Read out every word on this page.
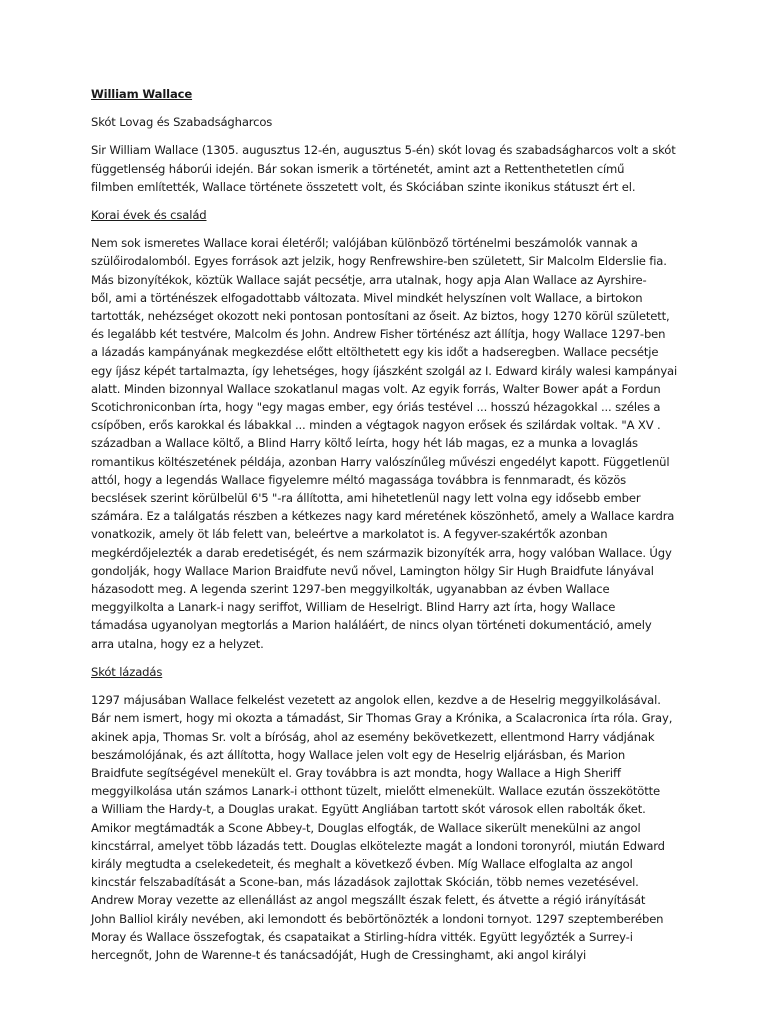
William Wallace
Skót Lovag és Szabadságharcos
Sir William Wallace (1305. augusztus 12-én, augusztus 5-én) skót lovag és szabadságharcos volt a skót
függetlenség háborúi idején. Bár sokan ismerik a történetét, amint azt a Rettenthetetlen című
filmben említették, Wallace története összetett volt, és Skóciában szinte ikonikus státuszt ért el.
Korai évek és család
Nem sok ismeretes Wallace korai életéről; valójában különböző történelmi beszámolók vannak a
szülőirodalomból. Egyes források azt jelzik, hogy Renfrewshire-ben született, Sir Malcolm Elderslie fia.
Más bizonyítékok, köztük Wallace saját pecsétje, arra utalnak, hogy apja Alan Wallace az Ayrshire-
ből, ami a történészek elfogadottabb változata. Mivel mindkét helyszínen volt Wallace, a birtokon
tartották, nehézséget okozott neki pontosan pontosítani az őseit. Az biztos, hogy 1270 körül született,
és legalább két testvére, Malcolm és John. Andrew Fisher történész azt állítja, hogy Wallace 1297-ben
a lázadás kampányának megkezdése előtt eltölthetett egy kis időt a hadseregben. Wallace pecsétje
egy íjász képét tartalmazta, így lehetséges, hogy íjászként szolgál az I. Edward király walesi kampányai
alatt. Minden bizonnyal Wallace szokatlanul magas volt. Az egyik forrás, Walter Bower apát a Fordun
Scotichroniconban írta, hogy "egy magas ember, egy óriás testével ... hosszú hézagokkal ... széles a
csípőben, erős karokkal és lábakkal ... minden a végtagok nagyon erősek és szilárdak voltak. "A XV .
században a Wallace költő, a Blind Harry költő leírta, hogy hét láb magas, ez a munka a lovaglás
romantikus költészetének példája, azonban Harry valószínűleg művészi engedélyt kapott. Függetlenül
attól, hogy a legendás Wallace figyelemre méltó magassága továbbra is fennmaradt, és közös
becslések szerint körülbelül 6'5 "-ra állította, ami hihetetlenül nagy lett volna egy idősebb ember
számára. Ez a találgatás részben a kétkezes nagy kard méretének köszönhető, amely a Wallace kardra
vonatkozik, amely öt láb felett van, beleértve a markolatot is. A fegyver-szakértők azonban
megkérdőjelezték a darab eredetiségét, és nem származik bizonyíték arra, hogy valóban Wallace. Úgy
gondolják, hogy Wallace Marion Braidfute nevű nővel, Lamington hölgy Sir Hugh Braidfute lányával
házasodott meg. A legenda szerint 1297-ben meggyilkolták, ugyanabban az évben Wallace
meggyilkolta a Lanark-i nagy seriffot, William de Heselrigt. Blind Harry azt írta, hogy Wallace
támadása ugyanolyan megtorlás a Marion haláláért, de nincs olyan történeti dokumentáció, amely
arra utalna, hogy ez a helyzet.
Skót lázadás
1297 májusában Wallace felkelést vezetett az angolok ellen, kezdve a de Heselrig meggyilkolásával.
Bár nem ismert, hogy mi okozta a támadást, Sir Thomas Gray a Krónika, a Scalacronica írta róla. Gray,
akinek apja, Thomas Sr. volt a bíróság, ahol az esemény bekövetkezett, ellentmond Harry vádjának
beszámolójának, és azt állította, hogy Wallace jelen volt egy de Heselrig eljárásban, és Marion
Braidfute segítségével menekült el. Gray továbbra is azt mondta, hogy Wallace a High Sheriff
meggyilkolása után számos Lanark-i otthont tüzelt, mielőtt elmenekült. Wallace ezután összekötötte
a William the Hardy-t, a Douglas urakat. Együtt Angliában tartott skót városok ellen rabolták őket.
Amikor megtámadták a Scone Abbey-t, Douglas elfogták, de Wallace sikerült menekülni az angol
kincstárral, amelyet több lázadás tett. Douglas elkötelezte magát a londoni toronyról, miután Edward
király megtudta a cselekedeteit, és meghalt a következő évben. Míg Wallace elfoglalta az angol
kincstár felszabadítását a Scone-ban, más lázadások zajlottak Skócián, több nemes vezetésével.
Andrew Moray vezette az ellenállást az angol megszállt észak felett, és átvette a régió irányítását
John Balliol király nevében, aki lemondott és bebörtönözték a londoni tornyot. 1297 szeptemberében
Moray és Wallace összefogtak, és csapataikat a Stirling-hídra vitték. Együtt legyőzték a Surrey-i
hercegnőt, John de Warenne-t és tanácsadóját, Hugh de Cressinghamt, aki angol királyi
